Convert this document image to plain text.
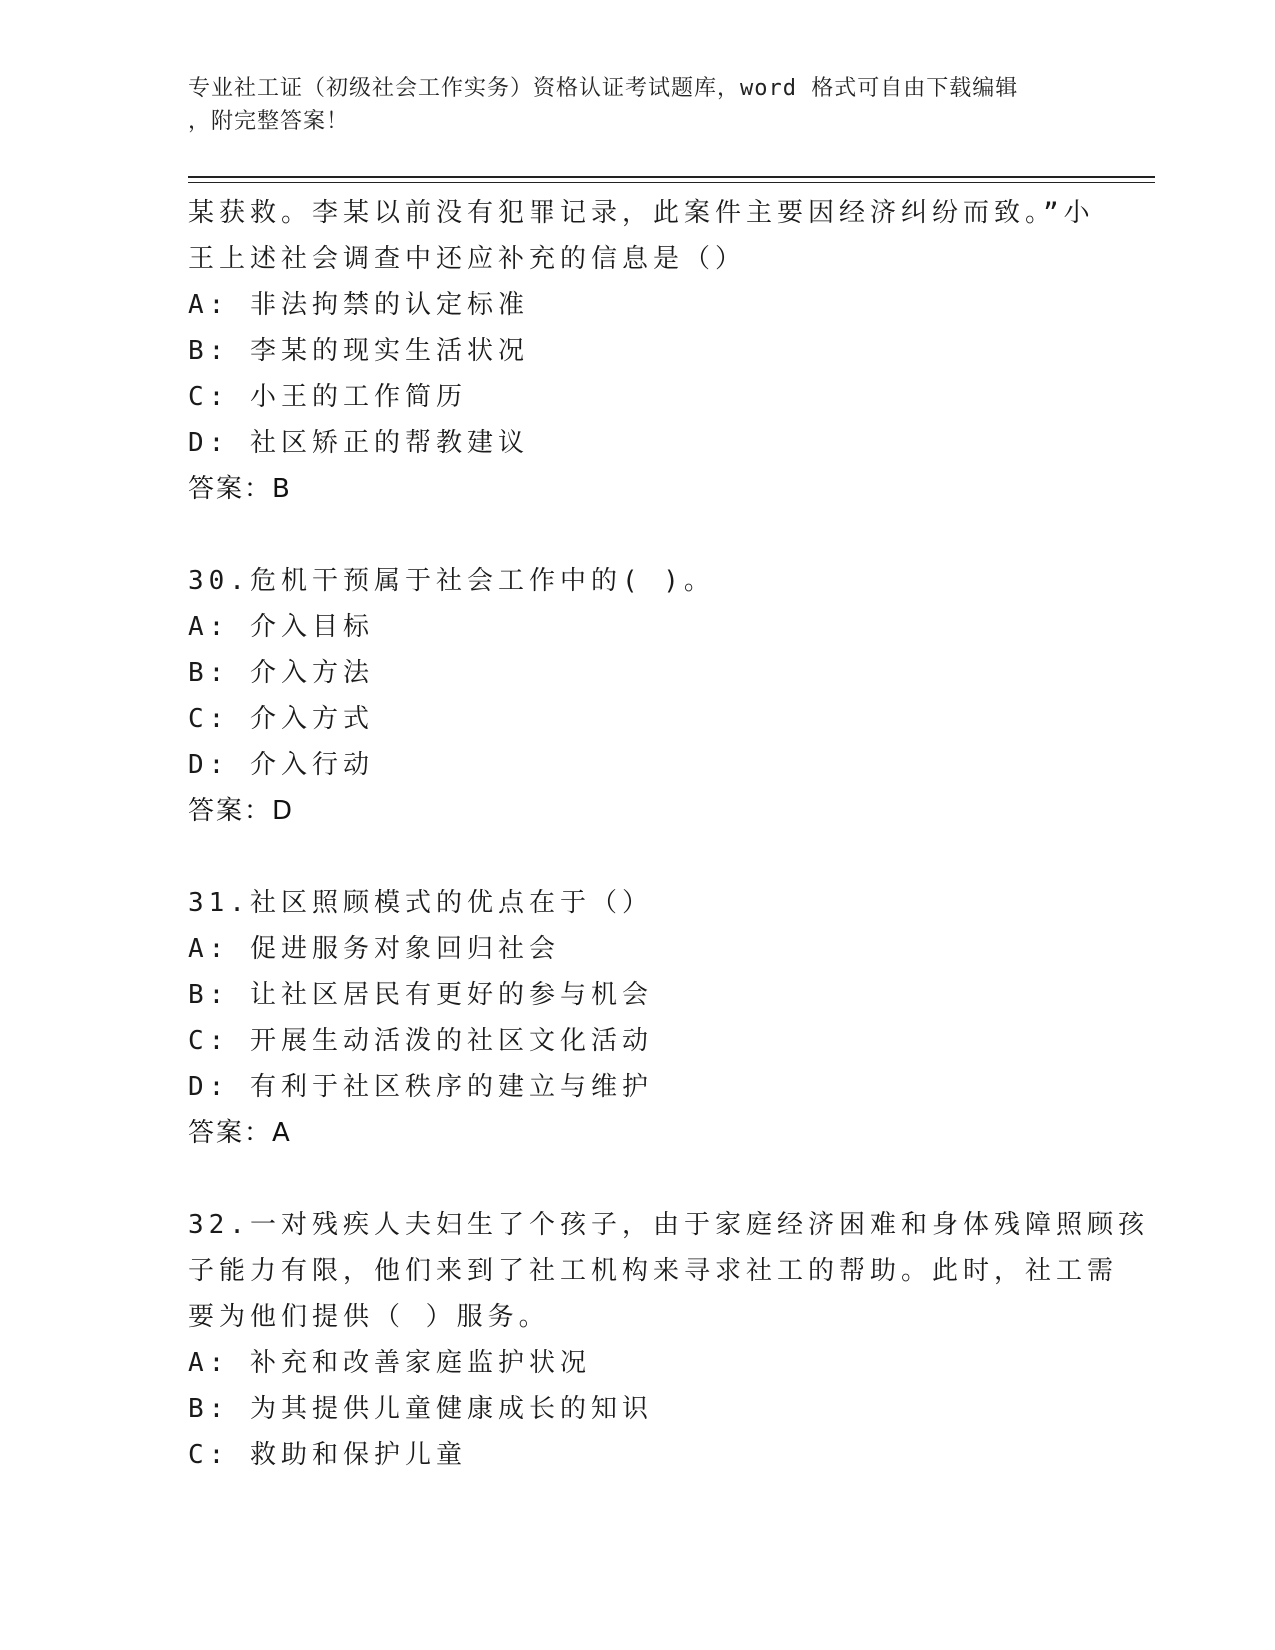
专业社工证（初级社会工作实务）资格认证考试题库，word 格式可自由下载编辑
，附完整答案！
某获救。李某以前没有犯罪记录，此案件主要因经济纠纷而致。”小
王上述社会调查中还应补充的信息是（）
A: 非法拘禁的认定标准
B: 李某的现实生活状况
C: 小王的工作简历
D: 社区矫正的帮教建议
答案：B
30.危机干预属于社会工作中的( )。
A: 介入目标
B: 介入方法
C: 介入方式
D: 介入行动
答案：D
31.社区照顾模式的优点在于（）
A: 促进服务对象回归社会
B: 让社区居民有更好的参与机会
C: 开展生动活泼的社区文化活动
D: 有利于社区秩序的建立与维护
答案：A
32.一对残疾人夫妇生了个孩子，由于家庭经济困难和身体残障照顾孩
子能力有限，他们来到了社工机构来寻求社工的帮助。此时，社工需
要为他们提供（ ）服务。
A: 补充和改善家庭监护状况
B: 为其提供儿童健康成长的知识
C: 救助和保护儿童
